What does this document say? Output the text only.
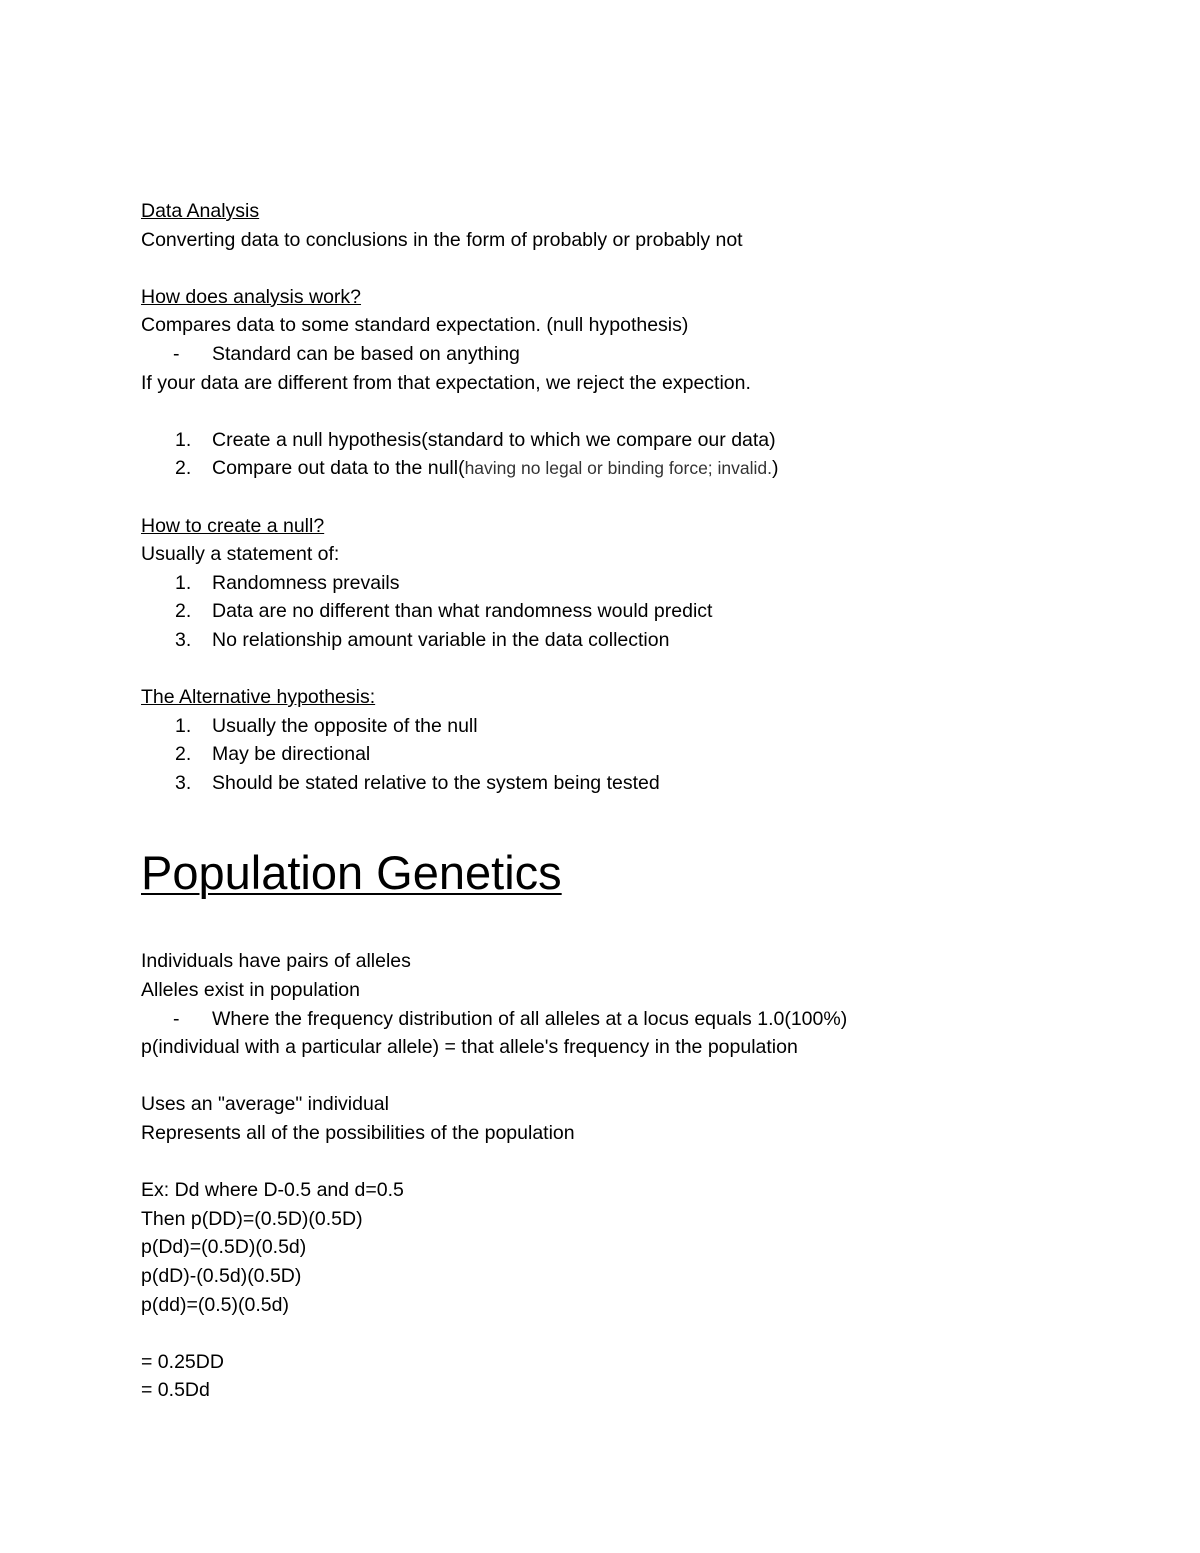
Data Analysis
Converting data to conclusions in the form of probably or probably not
How does analysis work?
Compares data to some standard expectation. (null hypothesis)
- Standard can be based on anything
If your data are different from that expectation, we reject the expection.
1. Create a null hypothesis(standard to which we compare our data)
2. Compare out data to the null(having no legal or binding force; invalid.)
How to create a null?
Usually a statement of:
1. Randomness prevails
2. Data are no different than what randomness would predict
3. No relationship amount variable in the data collection
The Alternative hypothesis:
1. Usually the opposite of the null
2. May be directional
3. Should be stated relative to the system being tested
Population Genetics
Individuals have pairs of alleles
Alleles exist in population
- Where the frequency distribution of all alleles at a locus equals 1.0(100%)
p(individual with a particular allele) = that allele's frequency in the population
Uses an "average" individual
Represents all of the possibilities of the population
Ex: Dd where D-0.5 and d=0.5
Then p(DD)=(0.5D)(0.5D)
p(Dd)=(0.5D)(0.5d)
p(dD)-(0.5d)(0.5D)
p(dd)=(0.5)(0.5d)
= 0.25DD
= 0.5Dd
